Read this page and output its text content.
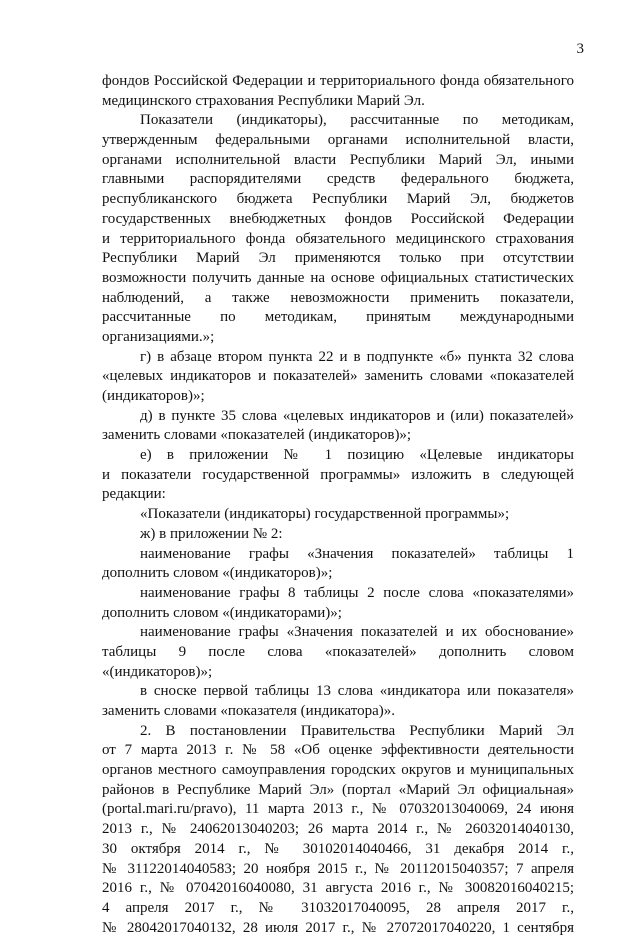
3
фондов Российской Федерации и территориального фонда обязательного
медицинского страхования Республики Марий Эл.
Показатели (индикаторы), рассчитанные по методикам,
утвержденным федеральными органами исполнительной власти,
органами исполнительной власти Республики Марий Эл, иными
главными распорядителями средств федерального бюджета,
республиканского бюджета Республики Марий Эл, бюджетов
государственных внебюджетных фондов Российской Федерации
и территориального фонда обязательного медицинского страхования
Республики Марий Эл применяются только при отсутствии
возможности получить данные на основе официальных статистических
наблюдений, а также невозможности применить показатели,
рассчитанные по методикам, принятым международными
организациями.»;
г) в абзаце втором пункта 22 и в подпункте «б» пункта 32 слова
«целевых индикаторов и показателей» заменить словами «показателей
(индикаторов)»;
д) в пункте 35 слова «целевых индикаторов и (или) показателей»
заменить словами «показателей (индикаторов)»;
е) в приложении № 1 позицию «Целевые индикаторы
и показатели государственной программы» изложить в следующей
редакции:
«Показатели (индикаторы) государственной программы»;
ж) в приложении № 2:
наименование графы «Значения показателей» таблицы 1
дополнить словом «(индикаторов)»;
наименование графы 8 таблицы 2 после слова «показателями»
дополнить словом «(индикаторами)»;
наименование графы «Значения показателей и их обоснование»
таблицы 9 после слова «показателей» дополнить словом
«(индикаторов)»;
в сноске первой таблицы 13 слова «индикатора или показателя»
заменить словами «показателя (индикатора)».
2. В постановлении Правительства Республики Марий Эл
от 7 марта 2013 г. № 58 «Об оценке эффективности деятельности
органов местного самоуправления городских округов и муниципальных
районов в Республике Марий Эл» (портал «Марий Эл официальная»
(portal.mari.ru/pravo), 11 марта 2013 г., № 07032013040069, 24 июня
2013 г., № 24062013040203; 26 марта 2014 г., № 26032014040130,
30 октября 2014 г., № 30102014040466, 31 декабря 2014 г.,
№ 31122014040583; 20 ноября 2015 г., № 20112015040357; 7 апреля
2016 г., № 07042016040080, 31 августа 2016 г., № 30082016040215;
4 апреля 2017 г., № 31032017040095, 28 апреля 2017 г.,
№ 28042017040132, 28 июля 2017 г., № 27072017040220, 1 сентября
